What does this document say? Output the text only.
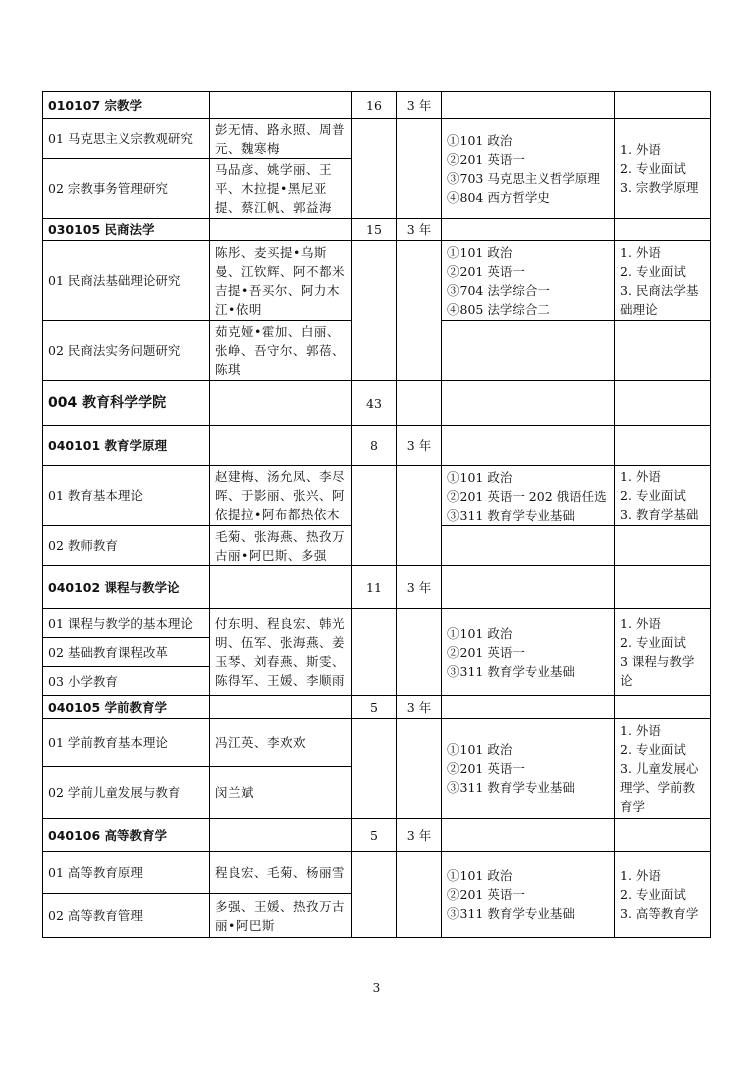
010107 宗教学		16	3 年		
01 马克思主义宗教观研究	彭无情、路永照、周普元、魏寒梅			①101 政治
②201 英语一
③703 马克思主义哲学原理
④804 西方哲学史	1. 外语
2. 专业面试
3. 宗教学原理

02 宗教事务管理研究	马品彦、姚学丽、王平、木拉提•黑尼亚提、蔡江帆、郭益海				
030105 民商法学		15	3 年		
01 民商法基础理论研究	陈彤、麦买提•乌斯曼、江钦辉、阿不都米吉提•吾买尔、阿力木江•依明			①101 政治
②201 英语一
③704 法学综合一
④805 法学综合二	1. 外语
2. 专业面试
3. 民商法学基础理论

02 民商法实务问题研究	茹克娅•霍加、白丽、张峥、吾守尔、郭蓓、陈琪				
004 教育科学学院		43			
040101 教育学原理		8	3 年		
01 教育基本理论	赵建梅、汤允凤、李尽晖、于影丽、张兴、阿依提拉•阿布都热依木			①101 政治
②201 英语一 202 俄语任选
③311 教育学专业基础	1. 外语
2. 专业面试
3. 教育学基础

02 教师教育	毛菊、张海燕、热孜万古丽•阿巴斯、多强				
040102 课程与教学论		11	3 年		
01 课程与教学的基本理论	付东明、程良宏、韩光明、伍军、张海燕、姜玉琴、刘春燕、斯雯、陈得军、王媛、李顺雨			①101 政治
②201 英语一
③311 教育学专业基础	1. 外语
2. 专业面试
3 课程与教学论

02 基础教育课程改革					
03 小学教育					
040105 学前教育学		5	3 年		
01 学前教育基本理论	冯江英、李欢欢			①101 政治
②201 英语一
③311 教育学专业基础	1. 外语
2. 专业面试
3. 儿童发展心理学、学前教育学

02 学前儿童发展与教育	闵兰斌				
040106 高等教育学		5	3 年		
01 高等教育原理	程良宏、毛菊、杨丽雪			①101 政治
②201 英语一
③311 教育学专业基础	1. 外语
2. 专业面试
3. 高等教育学

02 高等教育管理	多强、王媛、热孜万古丽•阿巴斯				
3
